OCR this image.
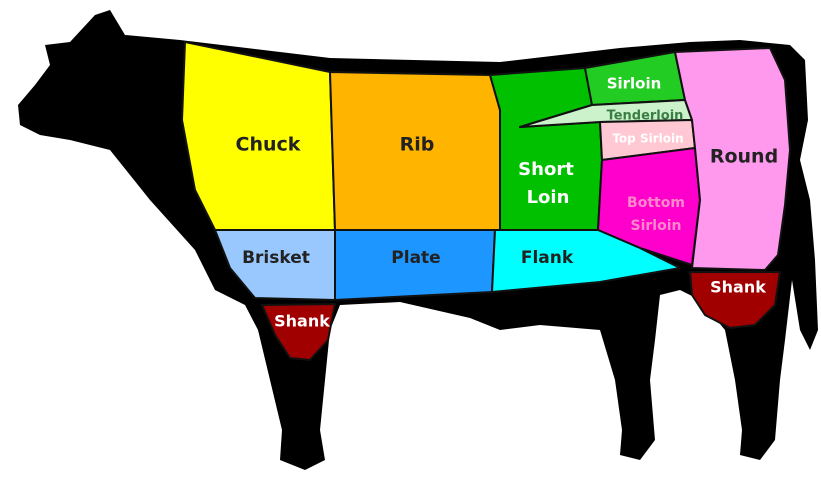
Chuck	Rib
Short
Loin
Sirloin
Tenderloin
Top Sirloin
Bottom
Sirloin
Round
Brisket	Plate	Flank
Shank
Shank
